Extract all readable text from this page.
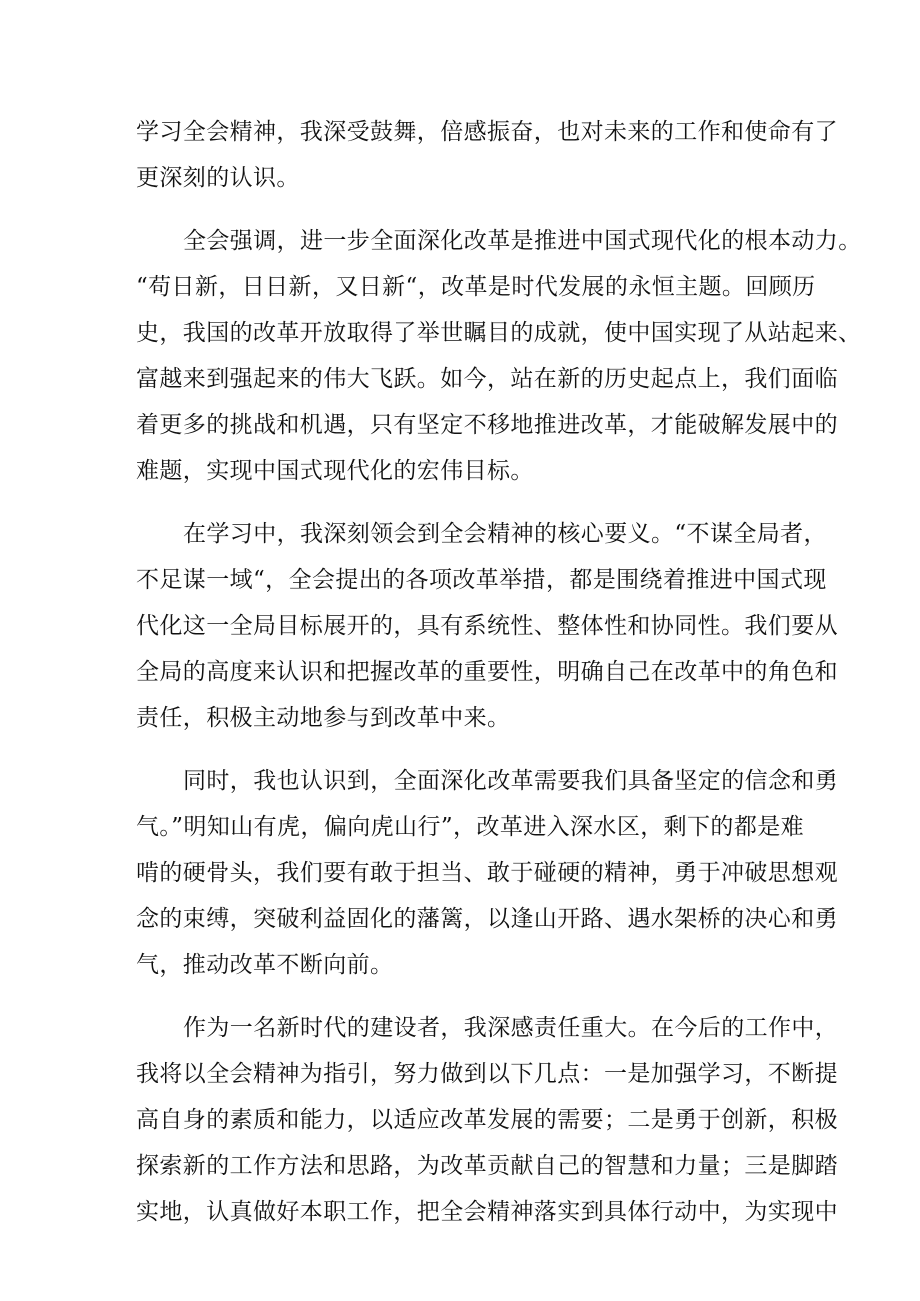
学习全会精神，我深受鼓舞，倍感振奋，也对未来的工作和使命有了

更深刻的认识。

全会强调，进一步全面深化改革是推进中国式现代化的根本动力。

“苟日新，日日新，又日新“，改革是时代发展的永恒主题。回顾历

史，我国的改革开放取得了举世瞩目的成就，使中国实现了从站起来、

富越来到强起来的伟大飞跃。如今，站在新的历史起点上，我们面临

着更多的挑战和机遇，只有坚定不移地推进改革，才能破解发展中的

难题，实现中国式现代化的宏伟目标。

在学习中，我深刻领会到全会精神的核心要义。“不谋全局者，

不足谋一域“，全会提出的各项改革举措，都是围绕着推进中国式现

代化这一全局目标展开的，具有系统性、整体性和协同性。我们要从

全局的高度来认识和把握改革的重要性，明确自己在改革中的角色和

责任，积极主动地参与到改革中来。

同时，我也认识到，全面深化改革需要我们具备坚定的信念和勇

气。”明知山有虎，偏向虎山行”，改革进入深水区，剩下的都是难

啃的硬骨头，我们要有敢于担当、敢于碰硬的精神，勇于冲破思想观

念的束缚，突破利益固化的藩篱，以逢山开路、遇水架桥的决心和勇

气，推动改革不断向前。

作为一名新时代的建设者，我深感责任重大。在今后的工作中，

我将以全会精神为指引，努力做到以下几点：一是加强学习，不断提

高自身的素质和能力，以适应改革发展的需要；二是勇于创新，积极

探索新的工作方法和思路，为改革贡献自己的智慧和力量；三是脚踏

实地，认真做好本职工作，把全会精神落实到具体行动中，为实现中
